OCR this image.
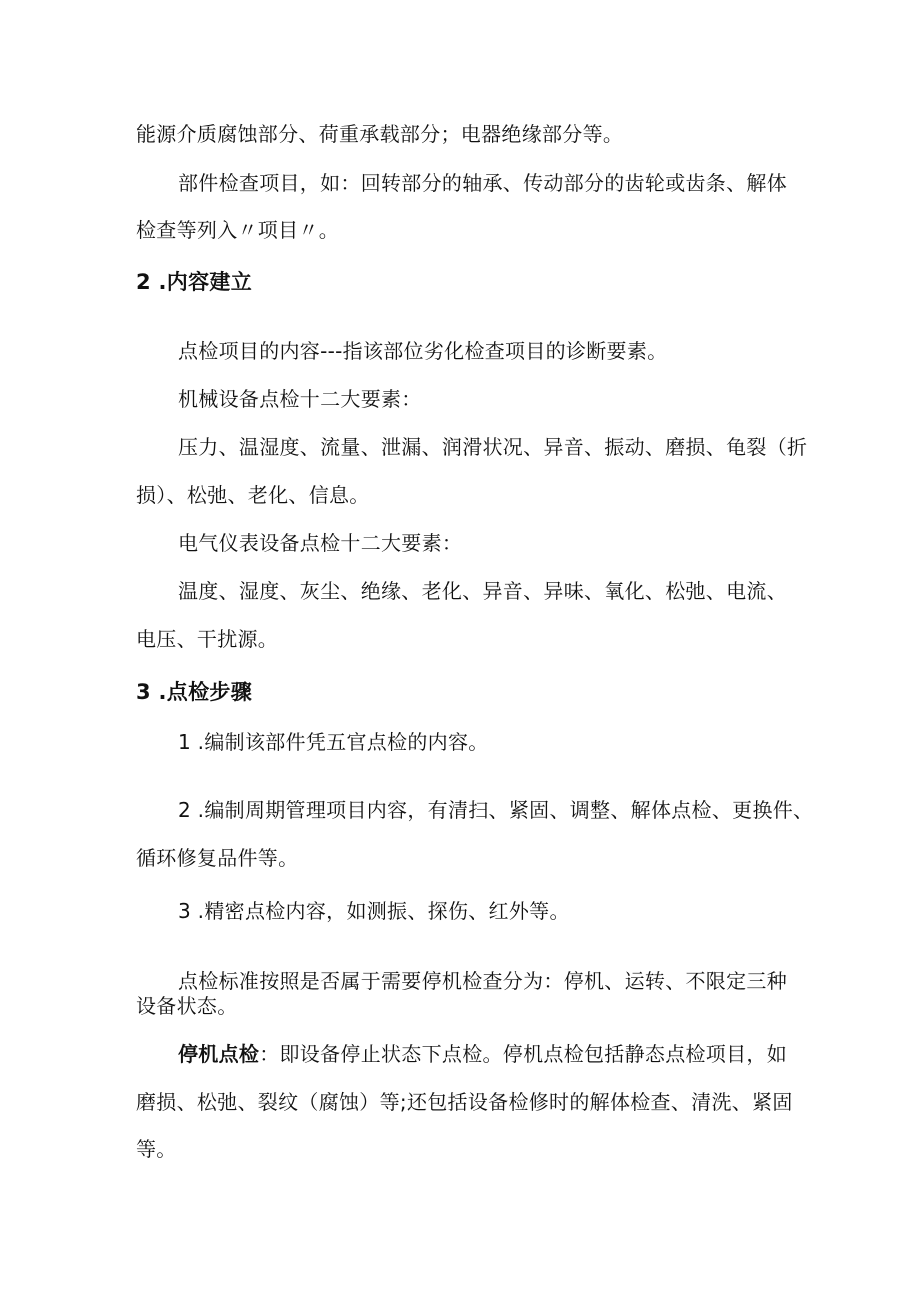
能源介质腐蚀部分、荷重承载部分；电器绝缘部分等。
部件检查项目，如：回转部分的轴承、传动部分的齿轮或齿条、解体
检查等列入〃项目〃。
2 .内容建立
点检项目的内容---指该部位劣化检查项目的诊断要素。
机械设备点检十二大要素：
压力、温湿度、流量、泄漏、润滑状况、异音、振动、磨损、龟裂（折
损）、松弛、老化、信息。
电气仪表设备点检十二大要素：
温度、湿度、灰尘、绝缘、老化、异音、异味、氧化、松弛、电流、
电压、干扰源。
3 .点检步骤
1 .编制该部件凭五官点检的内容。
2 .编制周期管理项目内容，有清扫、紧固、调整、解体点检、更换件、
循环修复品件等。
3 .精密点检内容，如测振、探伤、红外等。
点检标准按照是否属于需要停机检查分为：停机、运转、不限定三种
设备状态。
停机点检：即设备停止状态下点检。停机点检包括静态点检项目，如
磨损、松弛、裂纹（腐蚀）等;还包括设备检修时的解体检查、清洗、紧固
等。
